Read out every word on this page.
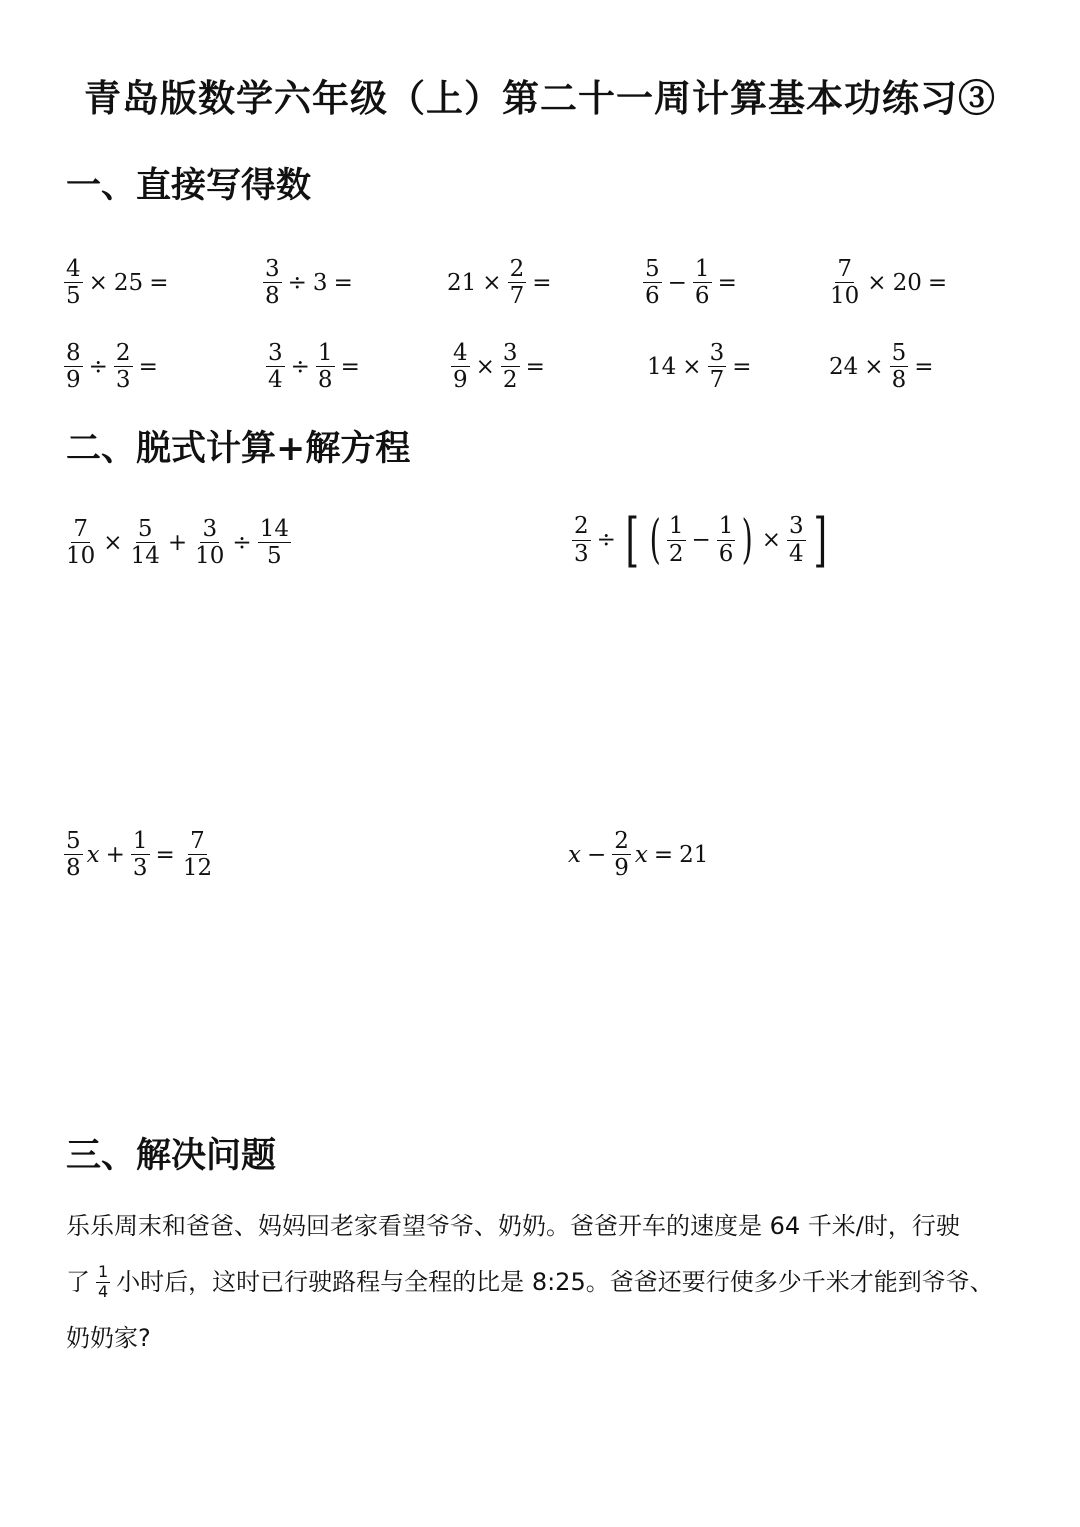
青岛版数学六年级（上）第二十一周计算基本功练习③
一、直接写得数
$\frac{4}{5} \times 25$ =	$\frac{3}{8} \div 3$ =	$21 \times \frac{2}{7}$ =	$\frac{5}{6} - \frac{1}{6}$ =	$\frac{7}{10} \times 20$ =
$\frac{8}{9} \div \frac{2}{3}$ =	$\frac{3}{4} \div \frac{1}{8}$ =	$\frac{4}{9} \times \frac{3}{2}$ =	$14 \times \frac{3}{7}$ =	$24 \times \frac{5}{8}$ =
二、脱式计算+解方程
$\frac{7}{10} \times \frac{5}{14} + \frac{3}{10} \div \frac{14}{5}$	$\frac{2}{3}$ ÷ [ ( $\frac{1}{2} - \frac{1}{6}$ ) × $\frac{3}{4}$ ]
$\frac{5}{8}$ $x + \frac{1}{3} = \frac{7}{12}$	$x - \frac{2}{9}$ x = 21
三、解决问题
乐乐周末和爸爸、妈妈回老家看望爷爷、奶奶。爸爸开车的速度是 64 千米/时，行驶
了 $\frac{1}{4}$ 小时后，这时已行驶路程与全程的比是 8:25。爸爸还要行使多少千米才能到爷爷、
奶奶家?
